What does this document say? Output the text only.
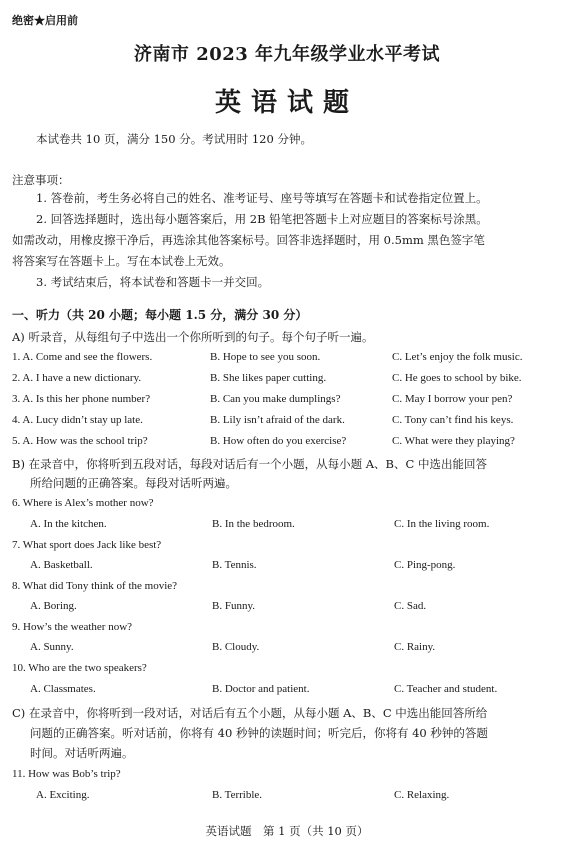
绝密★启用前
济南市 2023 年九年级学业水平考试
英语试题
本试卷共 10 页，满分 150 分。考试用时 120 分钟。
注意事项：
1. 答卷前，考生务必将自己的姓名、准考证号、座号等填写在答题卡和试卷指定位置上。
2. 回答选择题时，选出每小题答案后，用 2B 铅笔把答题卡上对应题目的答案标号涂黑。
如需改动，用橡皮擦干净后，再选涂其他答案标号。回答非选择题时，用 0.5mm 黑色签字笔
将答案写在答题卡上。写在本试卷上无效。
3. 考试结束后，将本试卷和答题卡一并交回。
一、听力（共 20 小题；每小题 1.5 分，满分 30 分）
A) 听录音，从每组句子中选出一个你所听到的句子。每个句子听一遍。
1. A. Come and see the flowers.	B. Hope to see you soon.	C. Let’s enjoy the folk music.
2. A. I have a new dictionary.	B. She likes paper cutting.	C. He goes to school by bike.
3. A. Is this her phone number?	B. Can you make dumplings?	C. May I borrow your pen?
4. A. Lucy didn’t stay up late.	B. Lily isn’t afraid of the dark.	C. Tony can’t find his keys.
5. A. How was the school trip?	B. How often do you exercise?	C. What were they playing?
B) 在录音中，你将听到五段对话，每段对话后有一个小题，从每小题 A、B、C 中选出能回答
所给问题的正确答案。每段对话听两遍。
6. Where is Alex’s mother now?
A. In the kitchen.	B. In the bedroom.	C. In the living room.
7. What sport does Jack like best?
A. Basketball.	B. Tennis.	C. Ping-pong.
8. What did Tony think of the movie?
A. Boring.	B. Funny.	C. Sad.
9. How’s the weather now?
A. Sunny.	B. Cloudy.	C. Rainy.
10. Who are the two speakers?
A. Classmates.	B. Doctor and patient.	C. Teacher and student.
C) 在录音中，你将听到一段对话，对话后有五个小题，从每小题 A、B、C 中选出能回答所给
问题的正确答案。听对话前，你将有 40 秒钟的读题时间；听完后，你将有 40 秒钟的答题
时间。对话听两遍。
11. How was Bob’s trip?
A. Exciting.	B. Terrible.	C. Relaxing.
英语试题　第 1 页（共 10 页）
